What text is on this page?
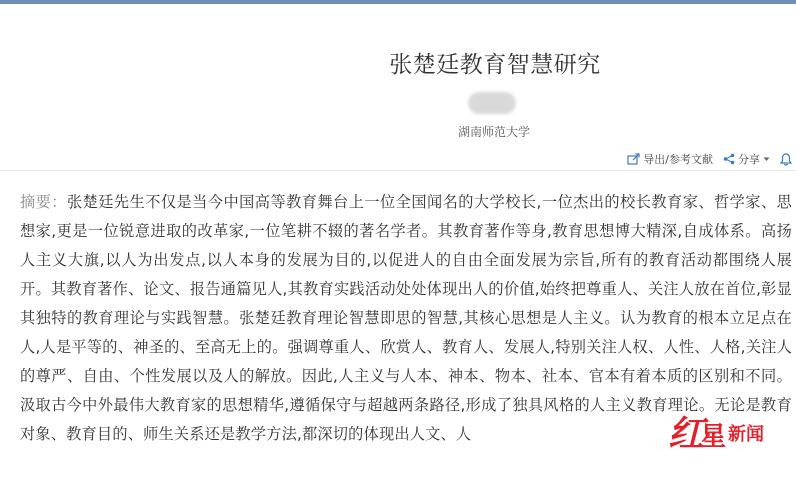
张楚廷教育智慧研究
湖南师范大学
导出/参考文献 分享
摘要：张楚廷先生不仅是当今中国高等教育舞台上一位全国闻名的大学校长,一位杰出的校长教育家、哲学家、思想家,更是一位锐意进取的改革家,一位笔耕不辍的著名学者。其教育著作等身,教育思想博大精深,自成体系。高扬人主义大旗,以人为出发点,以人本身的发展为目的,以促进人的自由全面发展为宗旨,所有的教育活动都围绕人展开。其教育著作、论文、报告通篇见人,其教育实践活动处处体现出人的价值,始终把尊重人、关注人放在首位,彰显其独特的教育理论与实践智慧。张楚廷教育理论智慧即思的智慧,其核心思想是人主义。认为教育的根本立足点在人,人是平等的、神圣的、至高无上的。强调尊重人、欣赏人、教育人、发展人,特别关注人权、人性、人格,关注人的尊严、自由、个性发展以及人的解放。因此,人主义与人本、神本、物本、社本、官本有着本质的区别和不同。汲取古今中外最伟大教育家的思想精华,遵循保守与超越两条路径,形成了独具风格的人主义教育理论。无论是教育对象、教育目的、师生关系还是教学方法,都深切的体现出人文、人	红
星 新闻
